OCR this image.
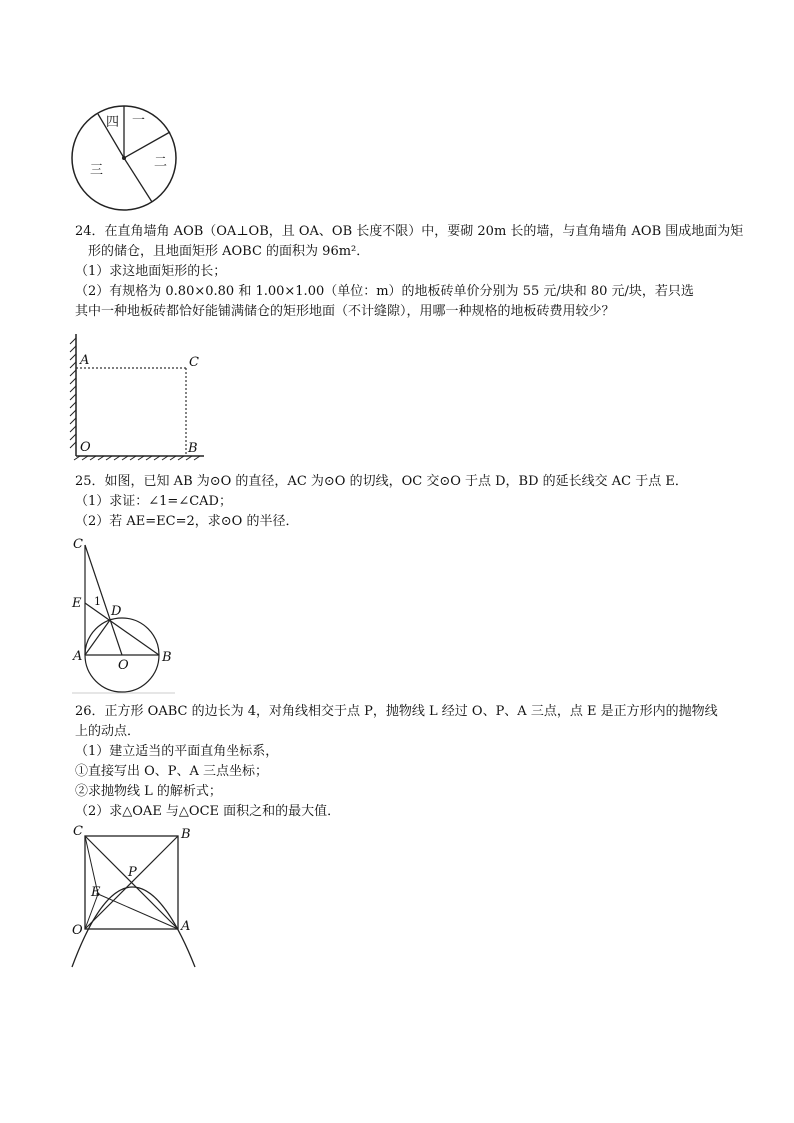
四 一
二
三
24．在直角墙角 AOB（OA⊥OB，且 OA、OB 长度不限）中，要砌 20m 长的墙，与直角墙角 AOB 围成地面为矩
形的储仓，且地面矩形 AOBC 的面积为 96m²．
（1）求这地面矩形的长；
（2）有规格为 0.80×0.80 和 1.00×1.00（单位：m）的地板砖单价分别为 55 元/块和 80 元/块，若只选
其中一种地板砖都恰好能铺满储仓的矩形地面（不计缝隙），用哪一种规格的地板砖费用较少？
A	C
O	B
25．如图，已知 AB 为⊙O 的直径，AC 为⊙O 的切线，OC 交⊙O 于点 D，BD 的延长线交 AC 于点 E．
（1）求证：∠1=∠CAD；
（2）若 AE=EC=2，求⊙O 的半径．
C
E 1
D
A
O
B
26．正方形 OABC 的边长为 4，对角线相交于点 P，抛物线 L 经过 O、P、A 三点，点 E 是正方形内的抛物线
上的动点．
（1）建立适当的平面直角坐标系，
①直接写出 O、P、A 三点坐标；
②求抛物线 L 的解析式；
（2）求△OAE 与△OCE 面积之和的最大值．
C	B
P
E
O	A
